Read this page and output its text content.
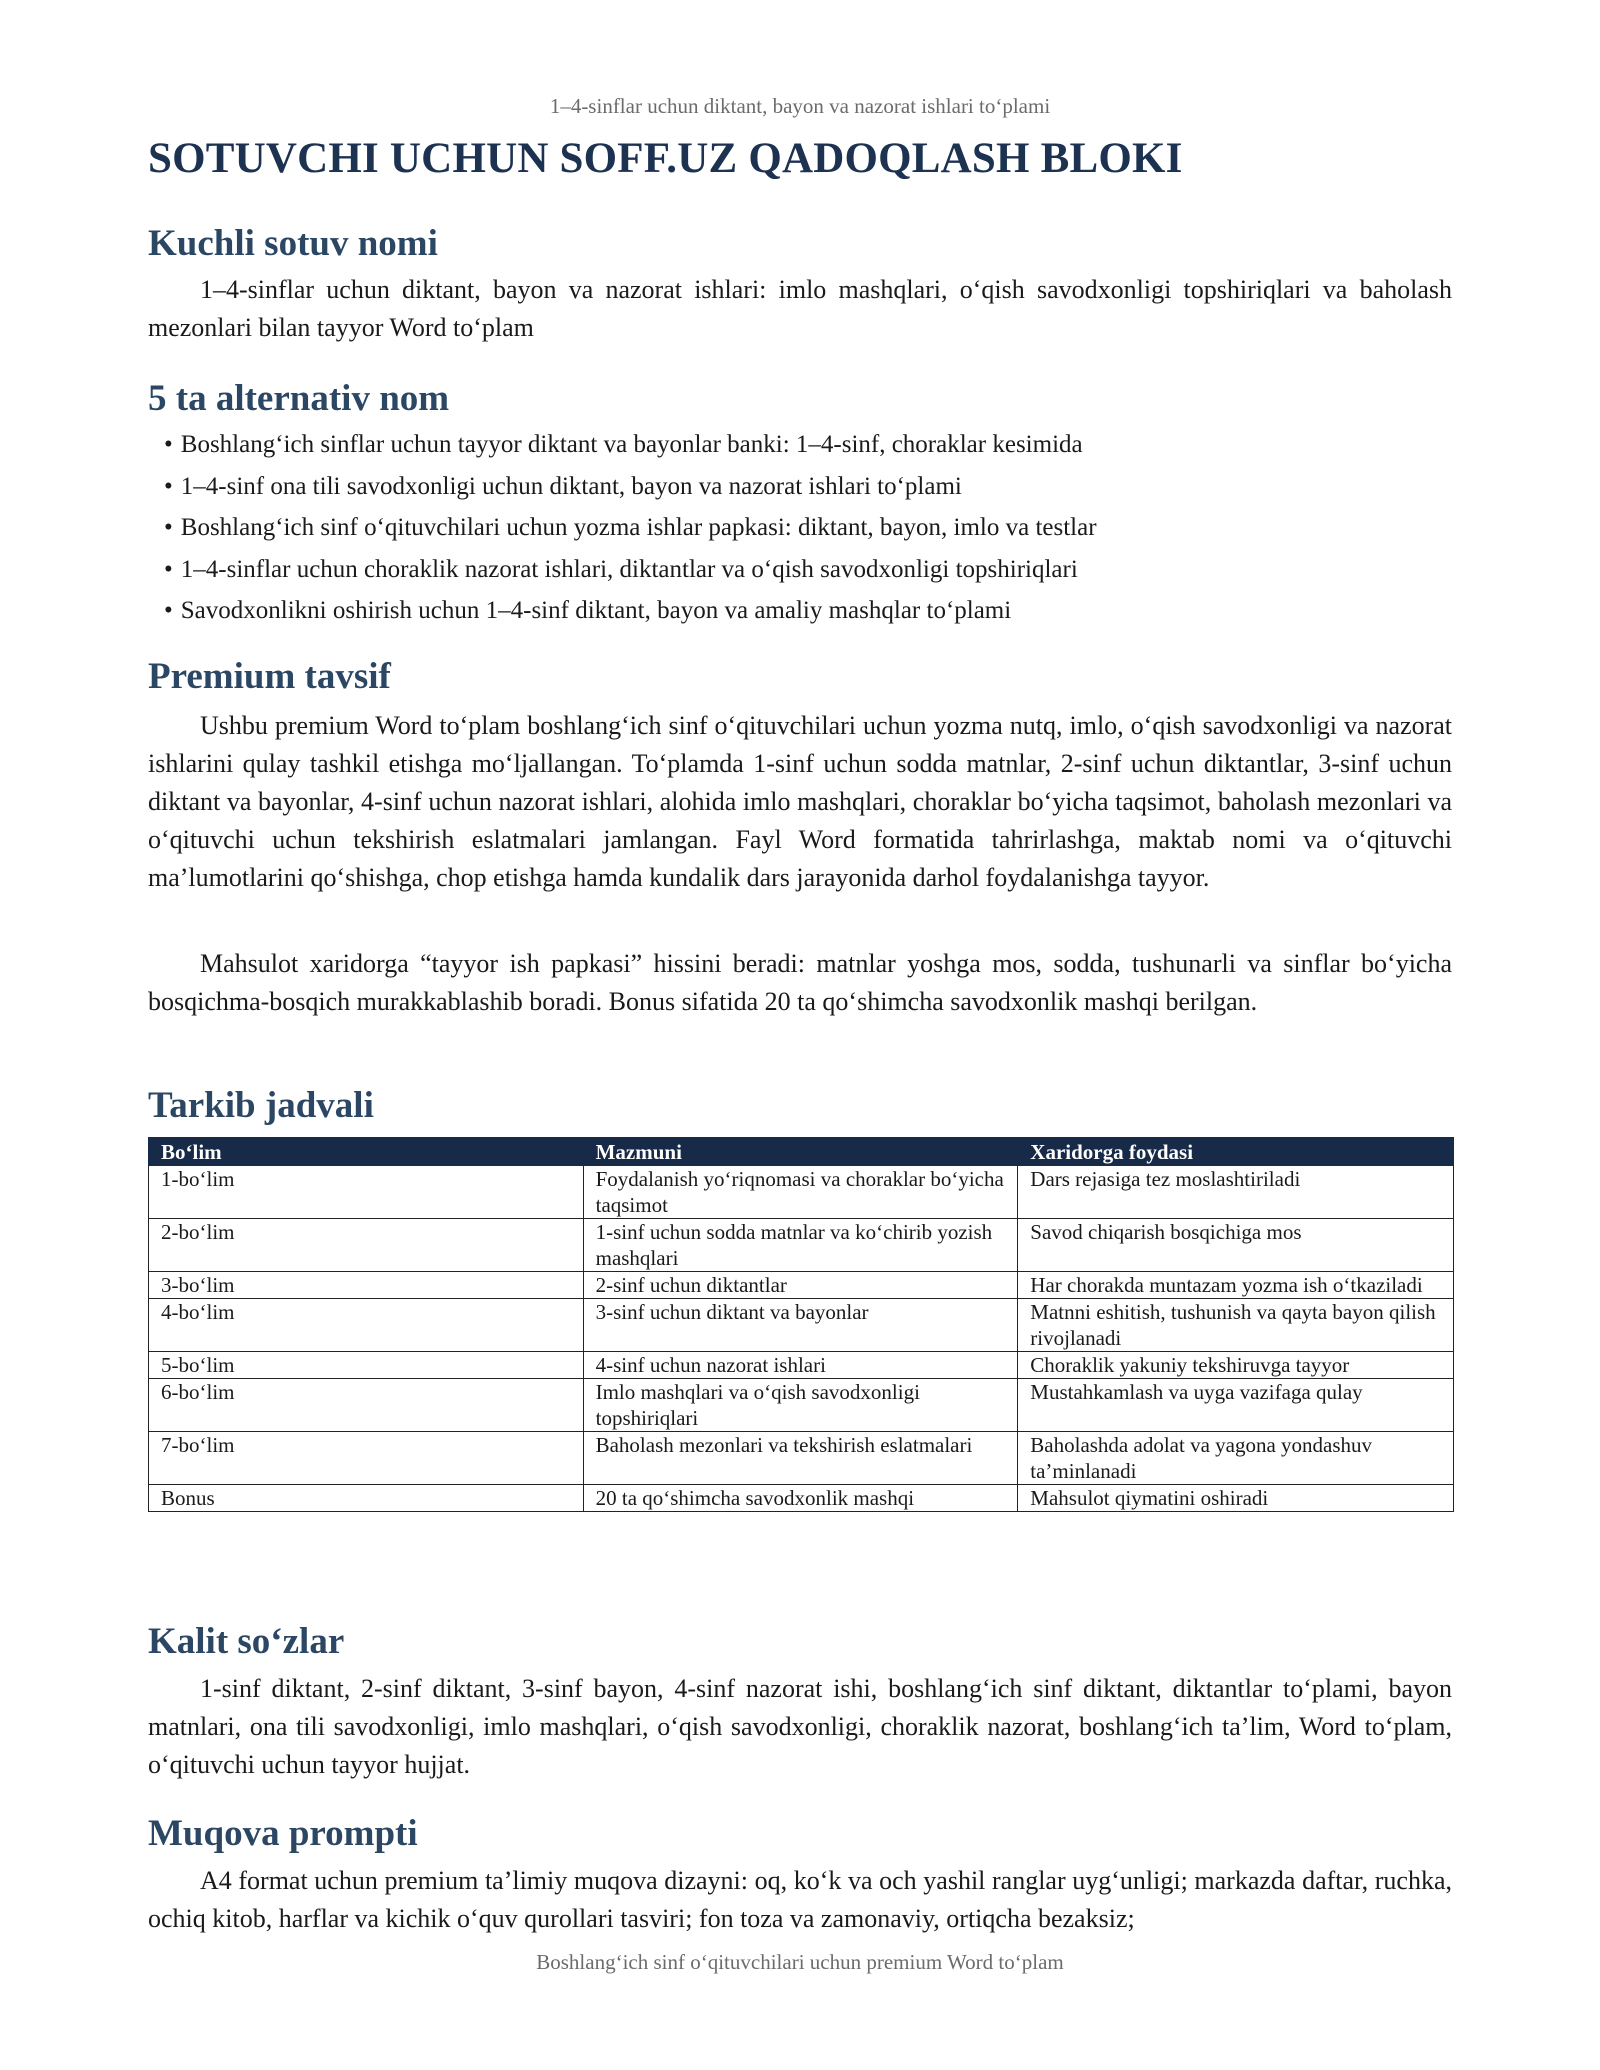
1–4-sinflar uchun diktant, bayon va nazorat ishlari to‘plami
SOTUVCHI UCHUN SOFF.UZ QADOQLASH BLOKI
Kuchli sotuv nomi

1–4-sinflar uchun diktant, bayon va nazorat ishlari: imlo mashqlari, o‘qish savodxonligi topshiriqlari va baholash mezonlari bilan tayyor Word to‘plam

5 ta alternativ nom
• Boshlang‘ich sinflar uchun tayyor diktant va bayonlar banki: 1–4-sinf, choraklar kesimida
• 1–4-sinf ona tili savodxonligi uchun diktant, bayon va nazorat ishlari to‘plami
• Boshlang‘ich sinf o‘qituvchilari uchun yozma ishlar papkasi: diktant, bayon, imlo va testlar
• 1–4-sinflar uchun choraklik nazorat ishlari, diktantlar va o‘qish savodxonligi topshiriqlari
• Savodxonlikni oshirish uchun 1–4-sinf diktant, bayon va amaliy mashqlar to‘plami
Premium tavsif

Ushbu premium Word to‘plam boshlang‘ich sinf o‘qituvchilari uchun yozma nutq, imlo, o‘qish savodxonligi va nazorat ishlarini qulay tashkil etishga mo‘ljallangan. To‘plamda 1-sinf uchun sodda matnlar, 2-sinf uchun diktantlar, 3-sinf uchun diktant va bayonlar, 4-sinf uchun nazorat ishlari, alohida imlo mashqlari, choraklar bo‘yicha taqsimot, baholash mezonlari va o‘qituvchi uchun tekshirish eslatmalari jamlangan. Fayl Word formatida tahrirlashga, maktab nomi va o‘qituvchi ma’lumotlarini qo‘shishga, chop etishga hamda kundalik dars jarayonida darhol foydalanishga tayyor.

Mahsulot xaridorga “tayyor ish papkasi” hissini beradi: matnlar yoshga mos, sodda, tushunarli va sinflar bo‘yicha bosqichma-bosqich murakkablashib boradi. Bonus sifatida 20 ta qo‘shimcha savodxonlik mashqi berilgan.

Tarkib jadvali
Bo‘lim	Mazmuni	Xaridorga foydasi
1-bo‘lim	Foydalanish yo‘riqnomasi va choraklar bo‘yicha taqsimot	Dars rejasiga tez moslashtiriladi
2-bo‘lim	1-sinf uchun sodda matnlar va ko‘chirib yozish mashqlari	Savod chiqarish bosqichiga mos
3-bo‘lim	2-sinf uchun diktantlar	Har chorakda muntazam yozma ish o‘tkaziladi
4-bo‘lim	3-sinf uchun diktant va bayonlar	Matnni eshitish, tushunish va qayta bayon qilish rivojlanadi
5-bo‘lim	4-sinf uchun nazorat ishlari	Choraklik yakuniy tekshiruvga tayyor
6-bo‘lim	Imlo mashqlari va o‘qish savodxonligi topshiriqlari	Mustahkamlash va uyga vazifaga qulay
7-bo‘lim	Baholash mezonlari va tekshirish eslatmalari	Baholashda adolat va yagona yondashuv ta’minlanadi
Bonus	20 ta qo‘shimcha savodxonlik mashqi	Mahsulot qiymatini oshiradi
Kalit so‘zlar

1-sinf diktant, 2-sinf diktant, 3-sinf bayon, 4-sinf nazorat ishi, boshlang‘ich sinf diktant, diktantlar to‘plami, bayon matnlari, ona tili savodxonligi, imlo mashqlari, o‘qish savodxonligi, choraklik nazorat, boshlang‘ich ta’lim, Word to‘plam, o‘qituvchi uchun tayyor hujjat.

Muqova prompti

A4 format uchun premium ta’limiy muqova dizayni: oq, ko‘k va och yashil ranglar uyg‘unligi; markazda daftar, ruchka, ochiq kitob, harflar va kichik o‘quv qurollari tasviri; fon toza va zamonaviy, ortiqcha bezaksiz;

Boshlang‘ich sinf o‘qituvchilari uchun premium Word to‘plam
